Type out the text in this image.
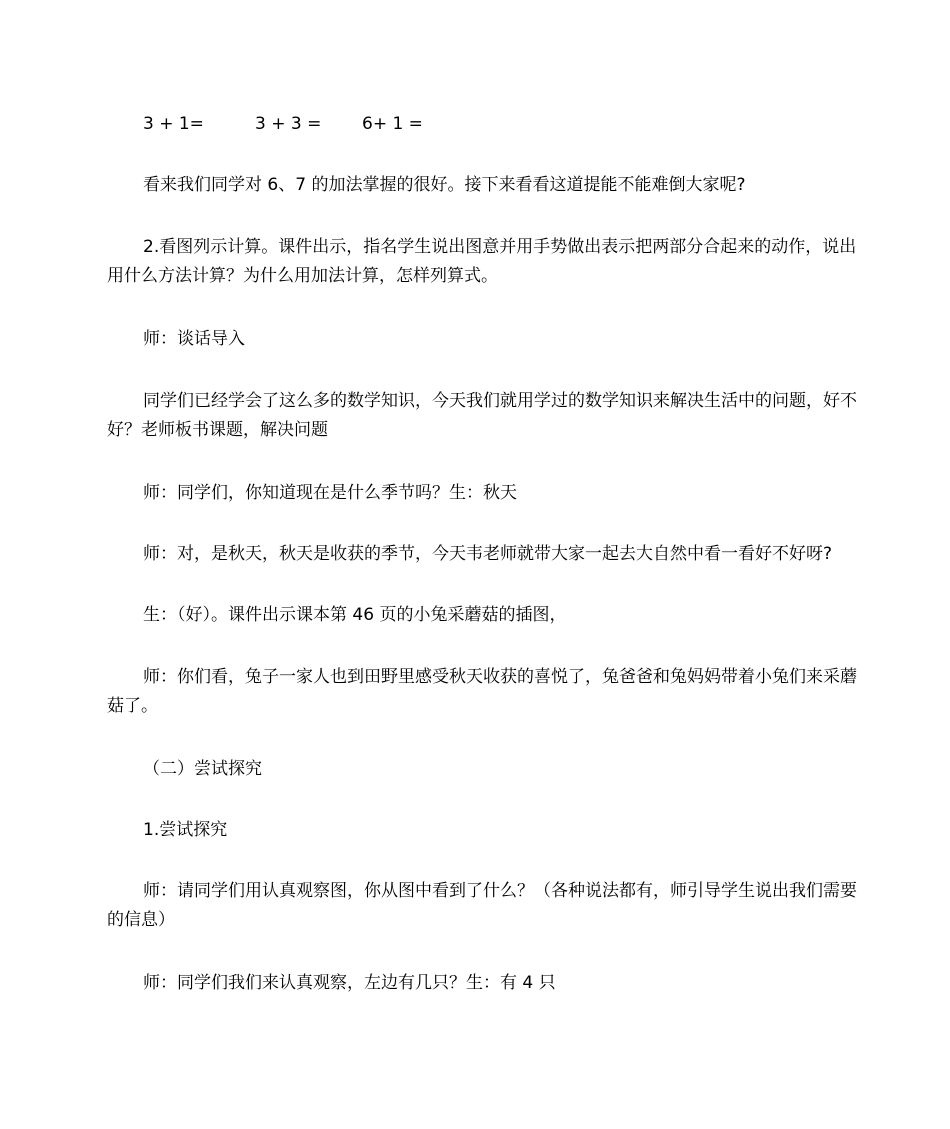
3 + 1=	3 + 3 =	6+ 1 =

看来我们同学对 6、7 的加法掌握的很好。接下来看看这道提能不能难倒大家呢?

2.看图列示计算。课件出示，指名学生说出图意并用手势做出表示把两部分合起来的动作，说出用什么方法计算？为什么用加法计算，怎样列算式。

师：谈话导入

同学们已经学会了这么多的数学知识，今天我们就用学过的数学知识来解决生活中的问题，好不好？老师板书课题，解决问题

师：同学们，你知道现在是什么季节吗？生：秋天

师：对，是秋天，秋天是收获的季节，今天韦老师就带大家一起去大自然中看一看好不好呀?

生：（好）。课件出示课本第 46 页的小兔采蘑菇的插图，

师：你们看，兔子一家人也到田野里感受秋天收获的喜悦了，兔爸爸和兔妈妈带着小兔们来采蘑菇了。

（二）尝试探究

1.尝试探究

师：请同学们用认真观察图，你从图中看到了什么？（各种说法都有，师引导学生说出我们需要的信息）

师：同学们我们来认真观察，左边有几只？生：有 4 只
